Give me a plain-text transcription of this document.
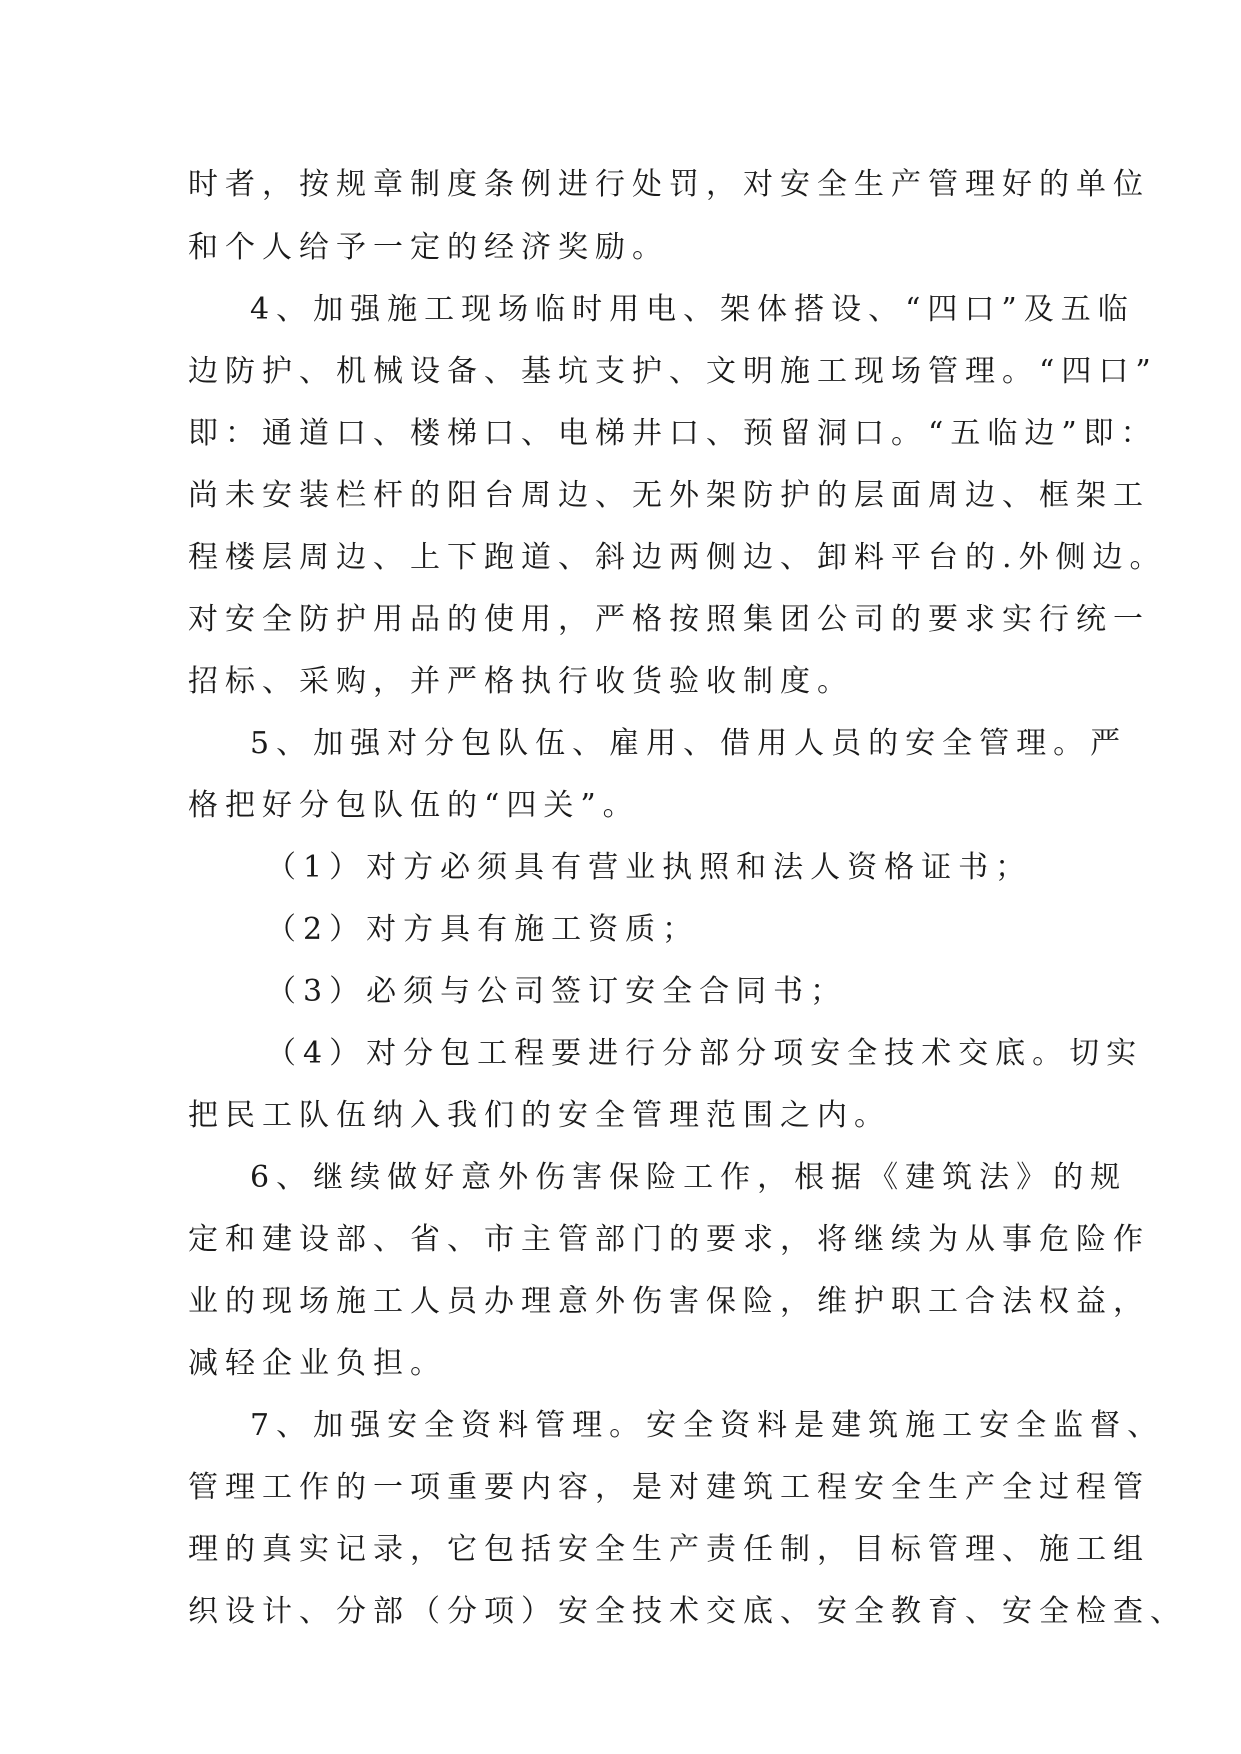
时者，按规章制度条例进行处罚，对安全生产管理好的单位
和个人给予一定的经济奖励。
4、加强施工现场临时用电、架体搭设、“四口”及五临
边防护、机械设备、基坑支护、文明施工现场管理。“四口”
即：通道口、楼梯口、电梯井口、预留洞口。“五临边”即：
尚未安装栏杆的阳台周边、无外架防护的层面周边、框架工
程楼层周边、上下跑道、斜边两侧边、卸料平台的.外侧边。
对安全防护用品的使用，严格按照集团公司的要求实行统一
招标、采购，并严格执行收货验收制度。
5、加强对分包队伍、雇用、借用人员的安全管理。严
格把好分包队伍的“四关”。
（1）对方必须具有营业执照和法人资格证书；
（2）对方具有施工资质；
（3）必须与公司签订安全合同书；
（4）对分包工程要进行分部分项安全技术交底。切实
把民工队伍纳入我们的安全管理范围之内。
6、继续做好意外伤害保险工作，根据《建筑法》的规
定和建设部、省、市主管部门的要求，将继续为从事危险作
业的现场施工人员办理意外伤害保险，维护职工合法权益，
减轻企业负担。
7、加强安全资料管理。安全资料是建筑施工安全监督、
管理工作的一项重要内容，是对建筑工程安全生产全过程管
理的真实记录，它包括安全生产责任制，目标管理、施工组
织设计、分部（分项）安全技术交底、安全教育、安全检查、
